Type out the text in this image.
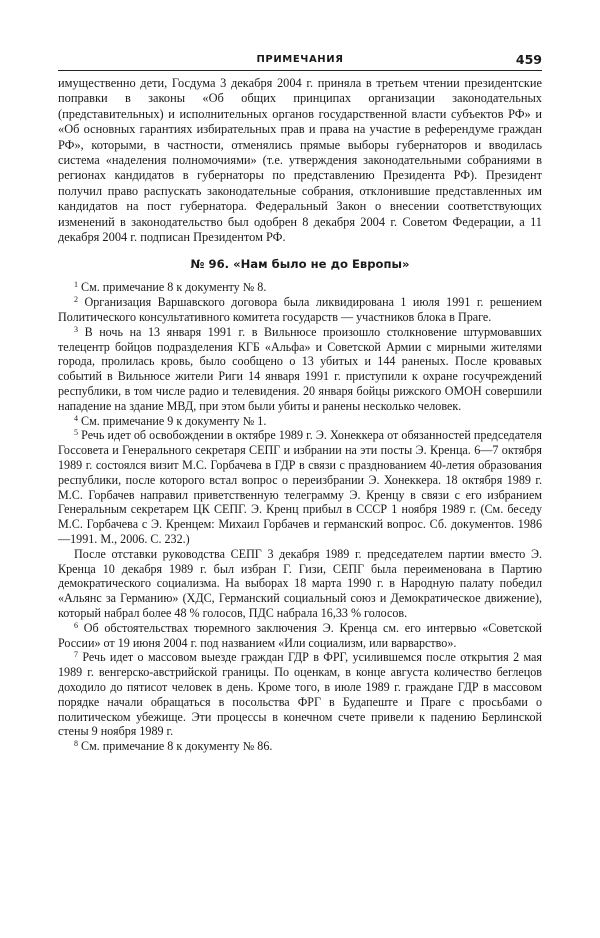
ПРИМЕЧАНИЯ	459

имущественно дети, Госдума 3 декабря 2004 г. приняла в третьем чтении президентские поправки в законы «Об общих принципах организации законодательных (представительных) и исполнительных органов государственной власти субъектов РФ» и «Об основных гарантиях избирательных прав и права на участие в референдуме граждан РФ», которыми, в частности, отменялись прямые выборы губернаторов и вводилась система «наделения полномочиями» (т.е. утверждения законодательными собраниями в регионах кандидатов в губернаторы по представлению Президента РФ). Президент получил право распускать законодательные собрания, отклонившие представленных им кандидатов на пост губернатора. Федеральный Закон о внесении соответствующих изменений в законодательство был одобрен 8 декабря 2004 г. Советом Федерации, а 11 декабря 2004 г. подписан Президентом РФ.

№ 96. «Нам было не до Европы»

$^1$ См. примечание 8 к документу № 8.

$^2$ Организация Варшавского договора была ликвидирована 1 июля 1991 г. решением Политического консультативного комитета государств — участников блока в Праге.

$^3$ В ночь на 13 января 1991 г. в Вильнюсе произошло столкновение штурмовавших телецентр бойцов подразделения КГБ «Альфа» и Советской Армии с мирными жителями города, пролилась кровь, было сообщено о 13 убитых и 144 раненых. После кровавых событий в Вильнюсе жители Риги 14 января 1991 г. приступили к охране госучреждений республики, в том числе радио и телевидения. 20 января бойцы рижского ОМОН совершили нападение на здание МВД, при этом были убиты и ранены несколько человек.

$^4$ См. примечание 9 к документу № 1.

$^5$ Речь идет об освобождении в октябре 1989 г. Э. Хонеккера от обязанностей председателя Госсовета и Генерального секретаря СЕПГ и избрании на эти посты Э. Кренца. 6—7 октября 1989 г. состоялся визит М.С. Горбачева в ГДР в связи с празднованием 40-летия образования республики, после которого встал вопрос о переизбрании Э. Хонеккера. 18 октября 1989 г. М.С. Горбачев направил приветственную телеграмму Э. Кренцу в связи с его избранием Генеральным секретарем ЦК СЕПГ. Э. Кренц прибыл в СССР 1 ноября 1989 г. (См. беседу М.С. Горбачева с Э. Кренцем: Михаил Горбачев и германский вопрос. Сб. документов. 1986—1991. М., 2006. С. 232.)

После отставки руководства СЕПГ 3 декабря 1989 г. председателем партии вместо Э. Кренца 10 декабря 1989 г. был избран Г. Гизи, СЕПГ была переименована в Партию демократического социализма. На выборах 18 марта 1990 г. в Народную палату победил «Альянс за Германию» (ХДС, Германский социальный союз и Демократическое движение), который набрал более 48 % голосов, ПДС набрала 16,33 % голосов.

$^6$ Об обстоятельствах тюремного заключения Э. Кренца см. его интервью «Советской России» от 19 июня 2004 г. под названием «Или социализм, или варварство».

$^7$ Речь идет о массовом выезде граждан ГДР в ФРГ, усилившемся после открытия 2 мая 1989 г. венгерско-австрийской границы. По оценкам, в конце августа количество беглецов доходило до пятисот человек в день. Кроме того, в июле 1989 г. граждане ГДР в массовом порядке начали обращаться в посольства ФРГ в Будапеште и Праге с просьбами о политическом убежище. Эти процессы в конечном счете привели к падению Берлинской стены 9 ноября 1989 г.

$^8$ См. примечание 8 к документу № 86.
